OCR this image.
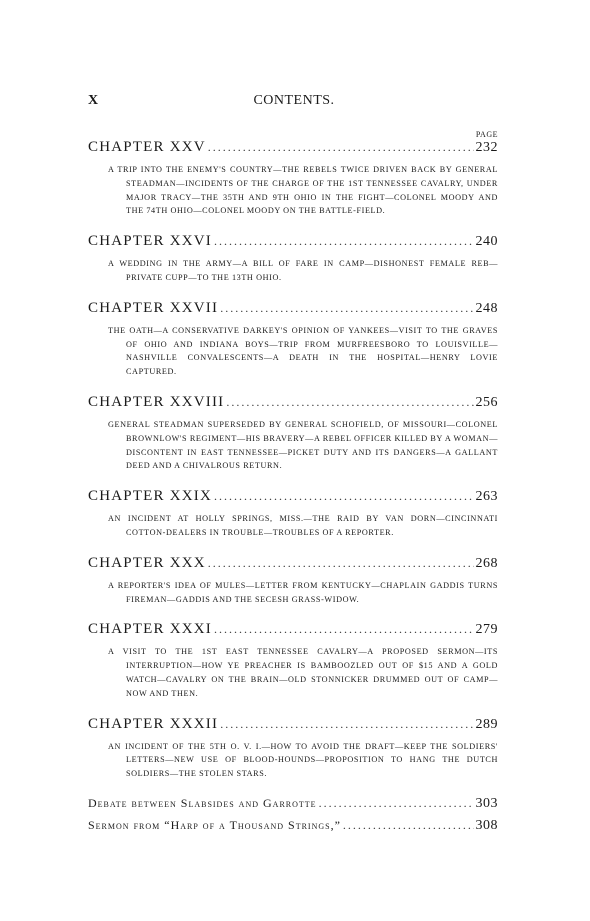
X	CONTENTS.
PAGE
CHAPTER XXV .....	232
A TRIP INTO THE ENEMY'S COUNTRY—THE REBELS TWICE DRIVEN BACK BY GENERAL STEADMAN—INCIDENTS OF THE CHARGE OF THE 1ST TENNESSEE CAVALRY, UNDER MAJOR TRACY—THE 35TH AND 9TH OHIO IN THE FIGHT—COLONEL MOODY AND THE 74TH OHIO—COLONEL MOODY ON THE BATTLE-FIELD.
CHAPTER XXVI .....	240
A WEDDING IN THE ARMY—A BILL OF FARE IN CAMP—DISHONEST FEMALE REB—PRIVATE CUPP—TO THE 13TH OHIO.
CHAPTER XXVII .....	248
THE OATH—A CONSERVATIVE DARKEY'S OPINION OF YANKEES—VISIT TO THE GRAVES OF OHIO AND INDIANA BOYS—TRIP FROM MURFREESBORO TO LOUISVILLE—NASHVILLE CONVALESCENTS—A DEATH IN THE HOSPITAL—HENRY LOVIE CAPTURED.
CHAPTER XXVIII .....	256
GENERAL STEADMAN SUPERSEDED BY GENERAL SCHOFIELD, OF MISSOURI—COLONEL BROWNLOW'S REGIMENT—HIS BRAVERY—A REBEL OFFICER KILLED BY A WOMAN—DISCONTENT IN EAST TENNESSEE—PICKET DUTY AND ITS DANGERS—A GALLANT DEED AND A CHIVALROUS RETURN.
CHAPTER XXIX .....	263
AN INCIDENT AT HOLLY SPRINGS, MISS.—THE RAID BY VAN DORN—CINCINNATI COTTON-DEALERS IN TROUBLE—TROUBLES OF A REPORTER.
CHAPTER XXX .....	268
A REPORTER'S IDEA OF MULES—LETTER FROM KENTUCKY—CHAPLAIN GADDIS TURNS FIREMAN—GADDIS AND THE SECESH GRASS-WIDOW.
CHAPTER XXXI .....	279
A VISIT TO THE 1ST EAST TENNESSEE CAVALRY—A PROPOSED SERMON—ITS INTERRUPTION—HOW YE PREACHER IS BAMBOOZLED OUT OF $15 AND A GOLD WATCH—CAVALRY ON THE BRAIN—OLD STONNICKER DRUMMED OUT OF CAMP—NOW AND THEN.
CHAPTER XXXII .....	289
AN INCIDENT OF THE 5TH O. V. I.—HOW TO AVOID THE DRAFT—KEEP THE SOLDIERS' LETTERS—NEW USE OF BLOOD-HOUNDS—PROPOSITION TO HANG THE DUTCH SOLDIERS—THE STOLEN STARS.
Debate between Slabsides and Garrotte .....	303
Sermon from “Harp of a Thousand Strings,” .....	308
